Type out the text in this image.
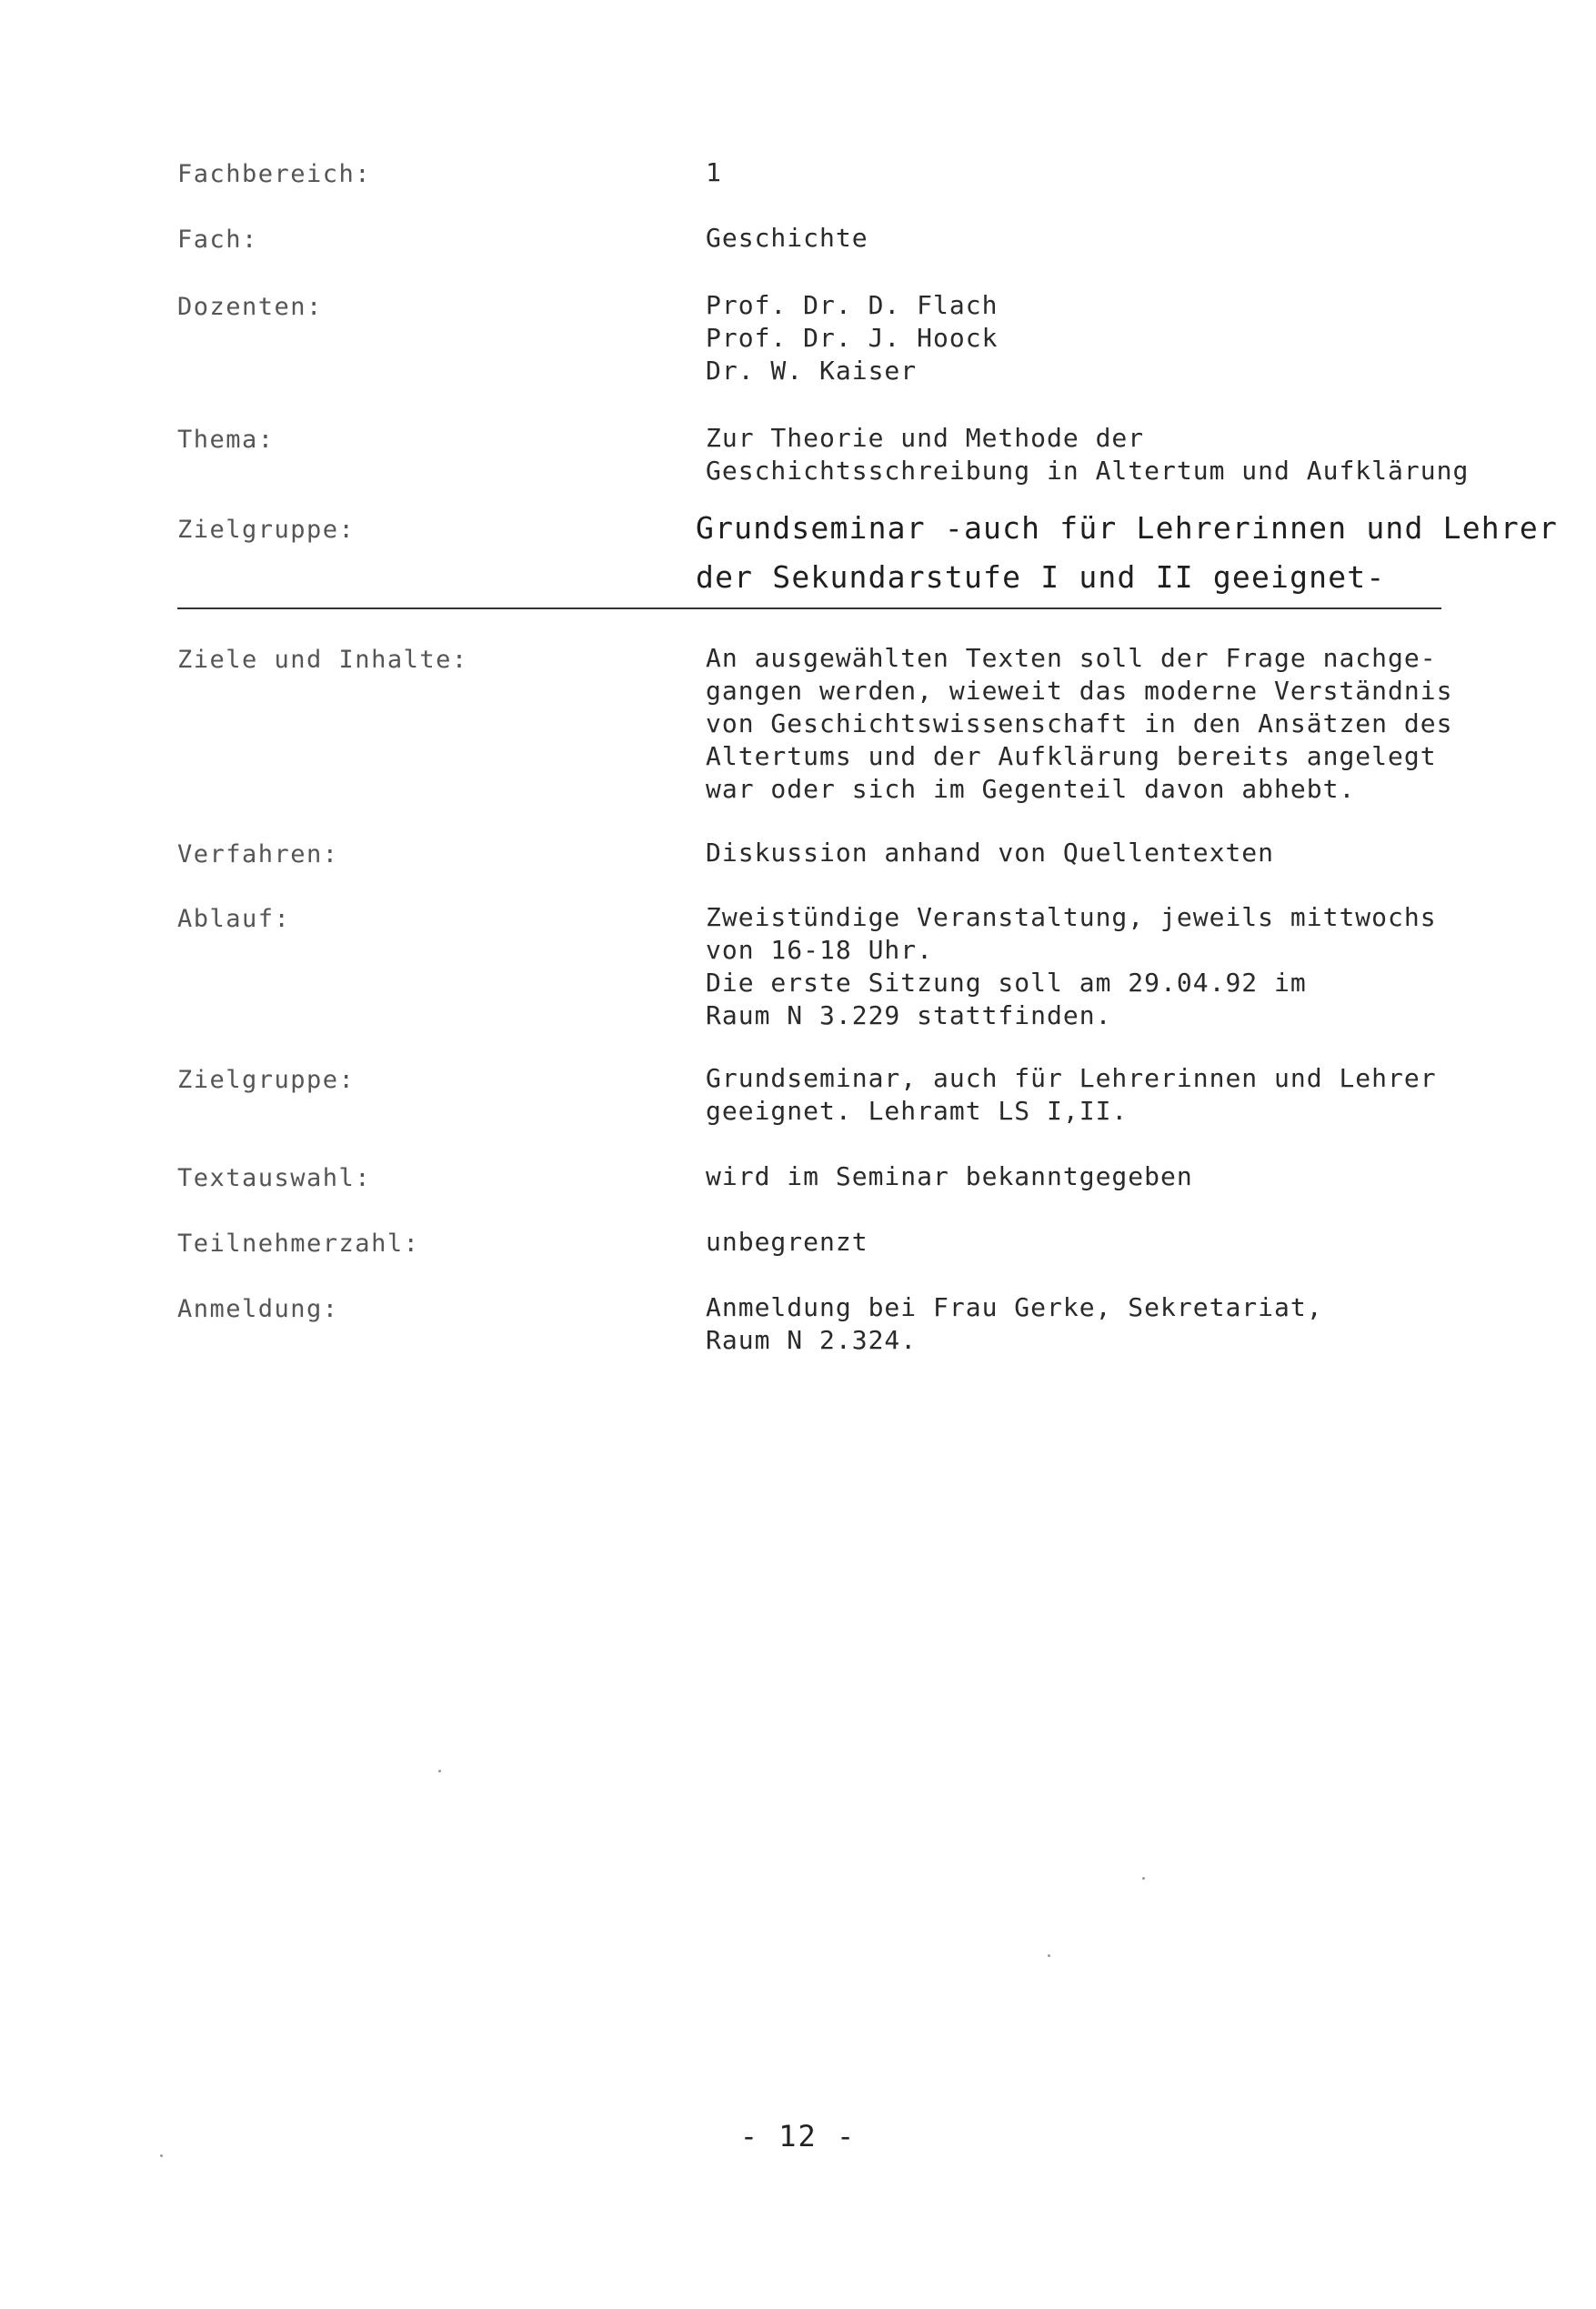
Fachbereich:	1
Fach:	Geschichte
Dozenten:	Prof. Dr. D. Flach
Prof. Dr. J. Hoock
Dr. W. Kaiser
Thema:	Zur Theorie und Methode der
Geschichtsschreibung in Altertum und Aufklärung
Zielgruppe:	Grundseminar -auch für Lehrerinnen und Lehrer
der Sekundarstufe I und II geeignet-
Ziele und Inhalte:	An ausgewählten Texten soll der Frage nachge-
gangen werden, wieweit das moderne Verständnis
von Geschichtswissenschaft in den Ansätzen des
Altertums und der Aufklärung bereits angelegt
war oder sich im Gegenteil davon abhebt.
Verfahren:	Diskussion anhand von Quellentexten
Ablauf:	Zweistündige Veranstaltung, jeweils mittwochs
von 16-18 Uhr.
Die erste Sitzung soll am 29.04.92 im
Raum N 3.229 stattfinden.
Zielgruppe:	Grundseminar, auch für Lehrerinnen und Lehrer
geeignet. Lehramt LS I,II.
Textauswahl:	wird im Seminar bekanntgegeben
Teilnehmerzahl:	unbegrenzt
Anmeldung:	Anmeldung bei Frau Gerke, Sekretariat,
Raum N 2.324.
- 12 -
